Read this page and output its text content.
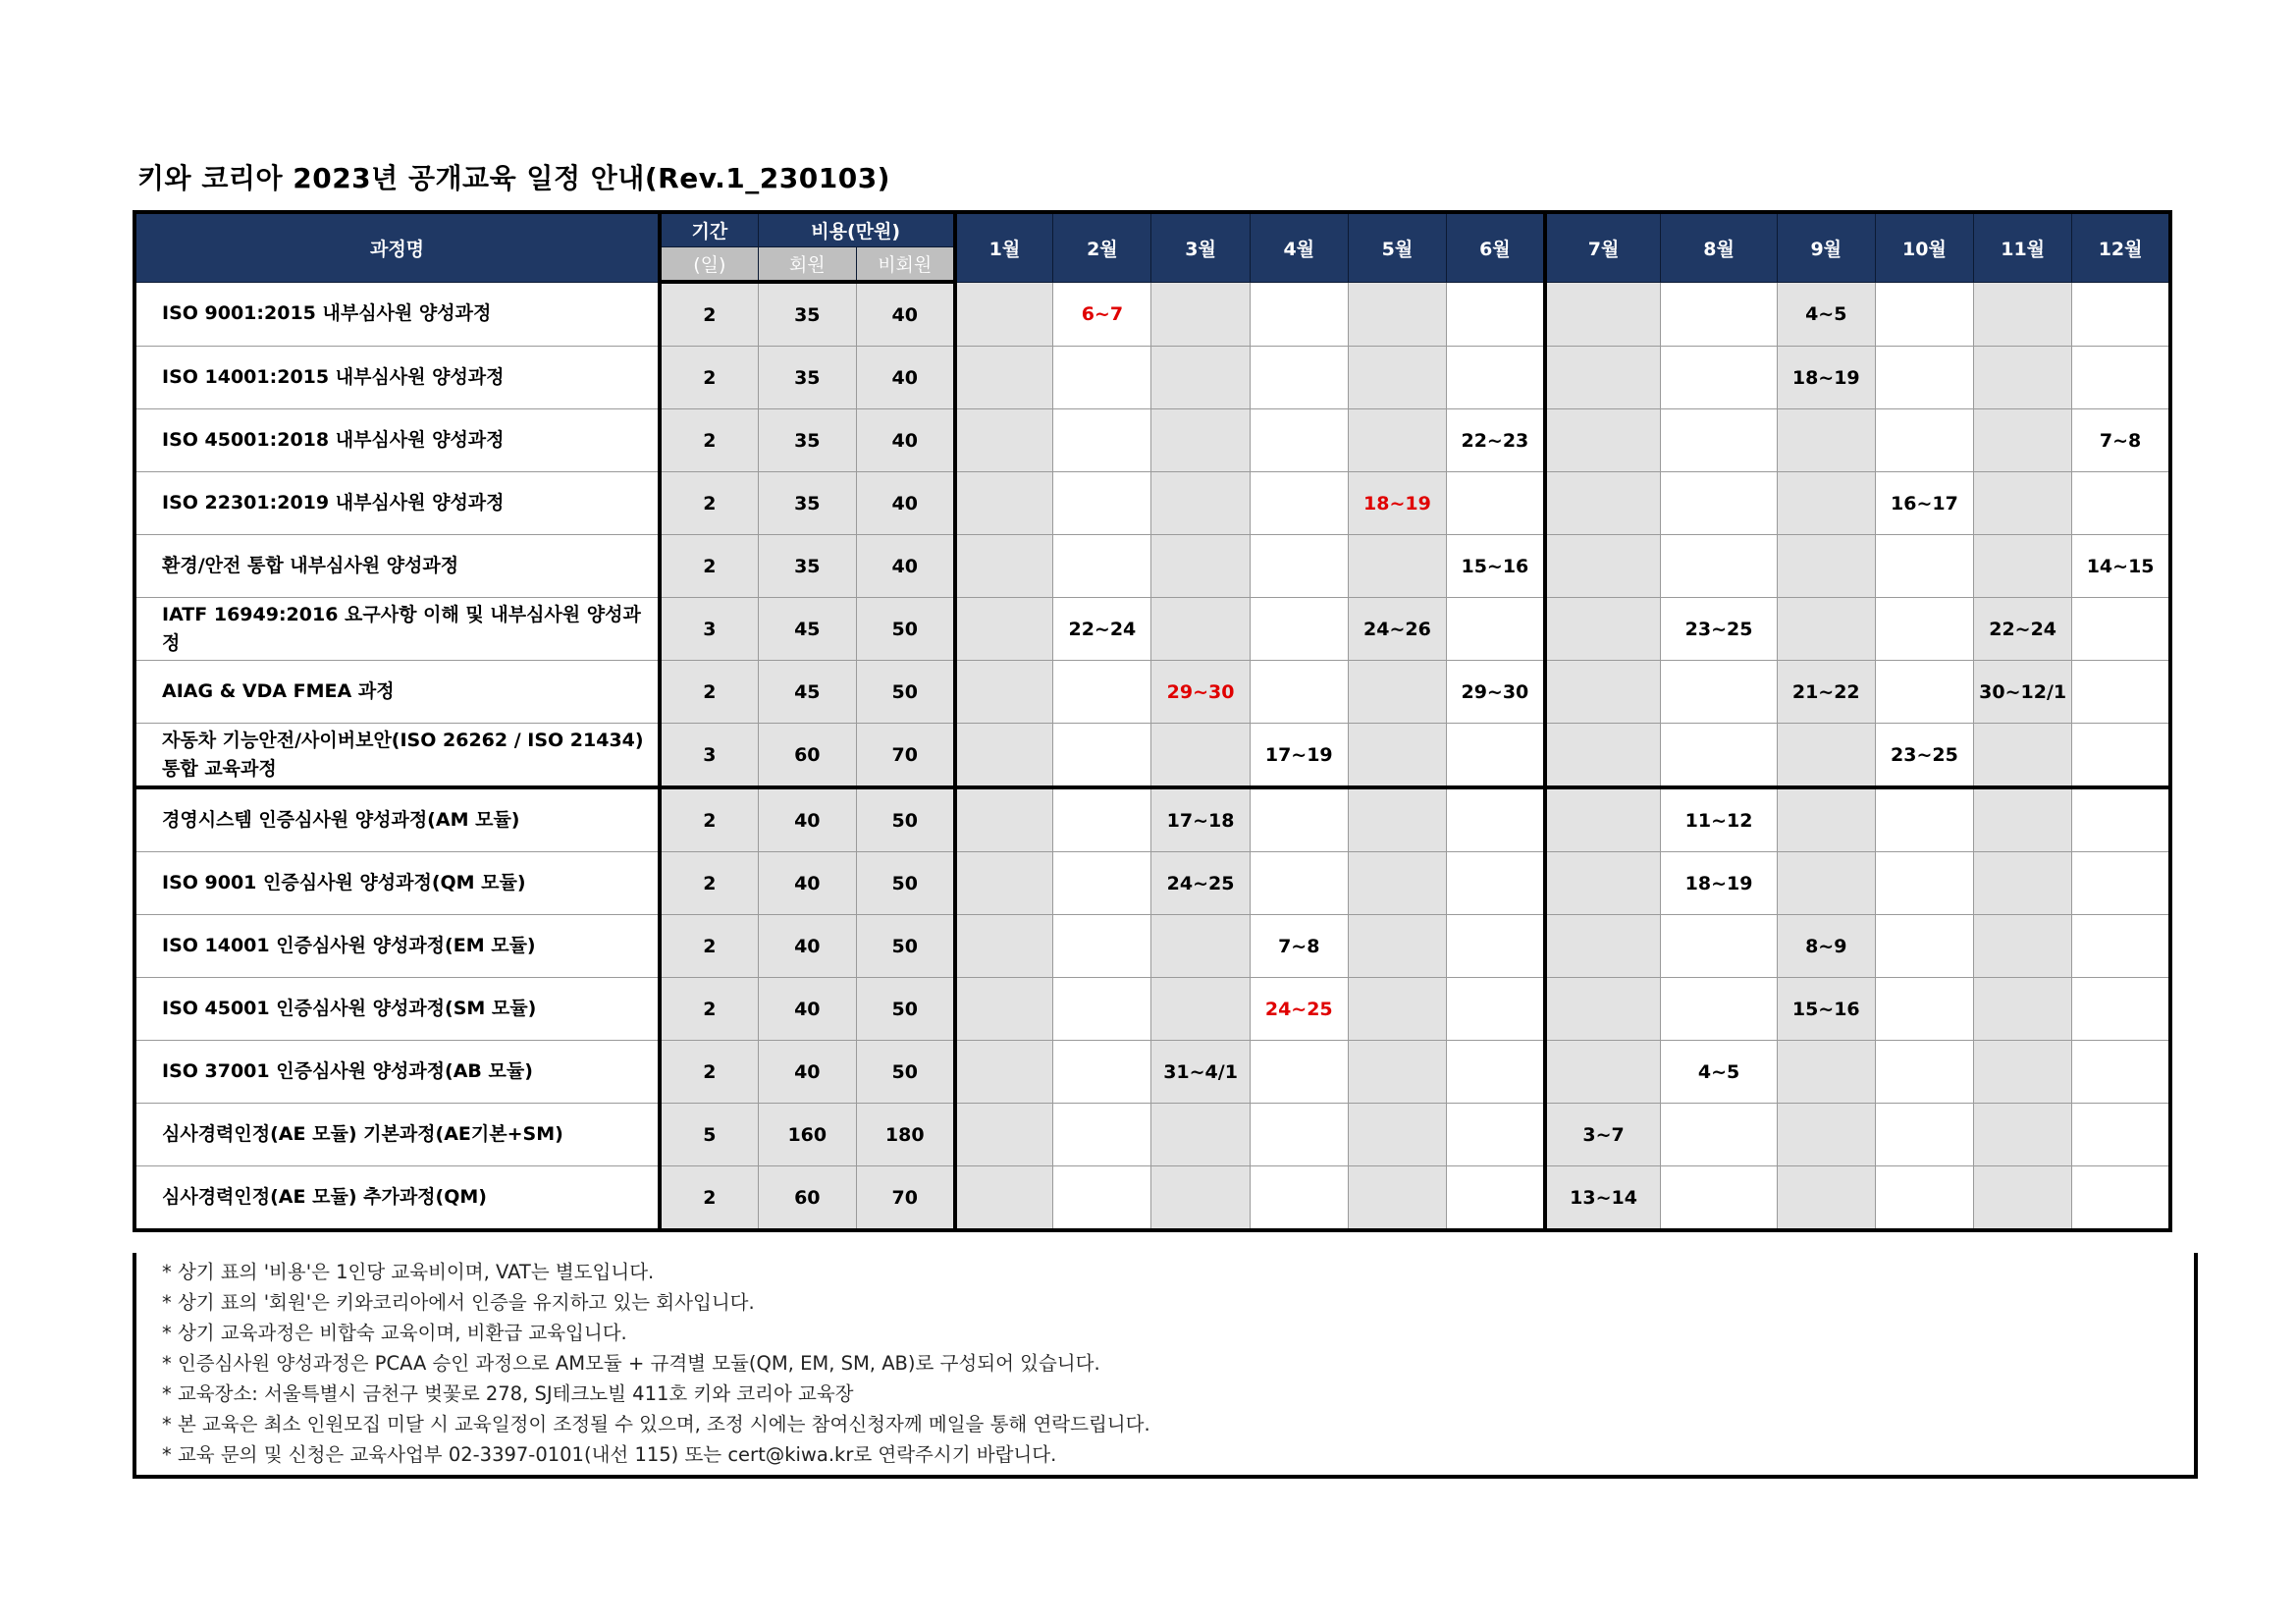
키와 코리아 2023년 공개교육 일정 안내(Rev.1_230103)
과정명	기간	비용(만원)		1월	2월	3월	4월	5월	6월	7월	8월	9월	10월	11월	12월
	(일)	회원	비회원												
ISO 9001:2015 내부심사원 양성과정	2	35	40		6~7							4~5			
ISO 14001:2015 내부심사원 양성과정	2	35	40									18~19			
ISO 45001:2018 내부심사원 양성과정	2	35	40						22~23						7~8
ISO 22301:2019 내부심사원 양성과정	2	35	40					18~19					16~17		
환경/안전 통합 내부심사원 양성과정	2	35	40						15~16						14~15
IATF 16949:2016 요구사항 이해 및 내부심사원 양성과정	3	45	50		22~24			24~26			23~25			22~24	
AIAG & VDA FMEA 과정	2	45	50			29~30			29~30			21~22		30~12/1	
자동차 기능안전/사이버보안(ISO 26262 / ISO 21434) 통합 교육과정	3	60	70				17~19						23~25		
경영시스템 인증심사원 양성과정(AM 모듈)	2	40	50			17~18					11~12				
ISO 9001 인증심사원 양성과정(QM 모듈)	2	40	50			24~25					18~19				
ISO 14001 인증심사원 양성과정(EM 모듈)	2	40	50				7~8					8~9			
ISO 45001 인증심사원 양성과정(SM 모듈)	2	40	50				24~25					15~16			
ISO 37001 인증심사원 양성과정(AB 모듈)	2	40	50			31~4/1					4~5				
심사경력인정(AE 모듈) 기본과정(AE기본+SM)	5	160	180							3~7					
심사경력인정(AE 모듈) 추가과정(QM)	2	60	70							13~14					
* 상기 표의 '비용'은 1인당 교육비이며, VAT는 별도입니다.
* 상기 표의 '회원'은 키와코리아에서 인증을 유지하고 있는 회사입니다.
* 상기 교육과정은 비합숙 교육이며, 비환급 교육입니다.
* 인증심사원 양성과정은 PCAA 승인 과정으로 AM모듈 + 규격별 모듈(QM, EM, SM, AB)로 구성되어 있습니다.
* 교육장소: 서울특별시 금천구 벚꽃로 278, SJ테크노빌 411호 키와 코리아 교육장
* 본 교육은 최소 인원모집 미달 시 교육일정이 조정될 수 있으며, 조정 시에는 참여신청자께 메일을 통해 연락드립니다.
* 교육 문의 및 신청은 교육사업부 02-3397-0101(내선 115) 또는 cert@kiwa.kr로 연락주시기 바랍니다.
